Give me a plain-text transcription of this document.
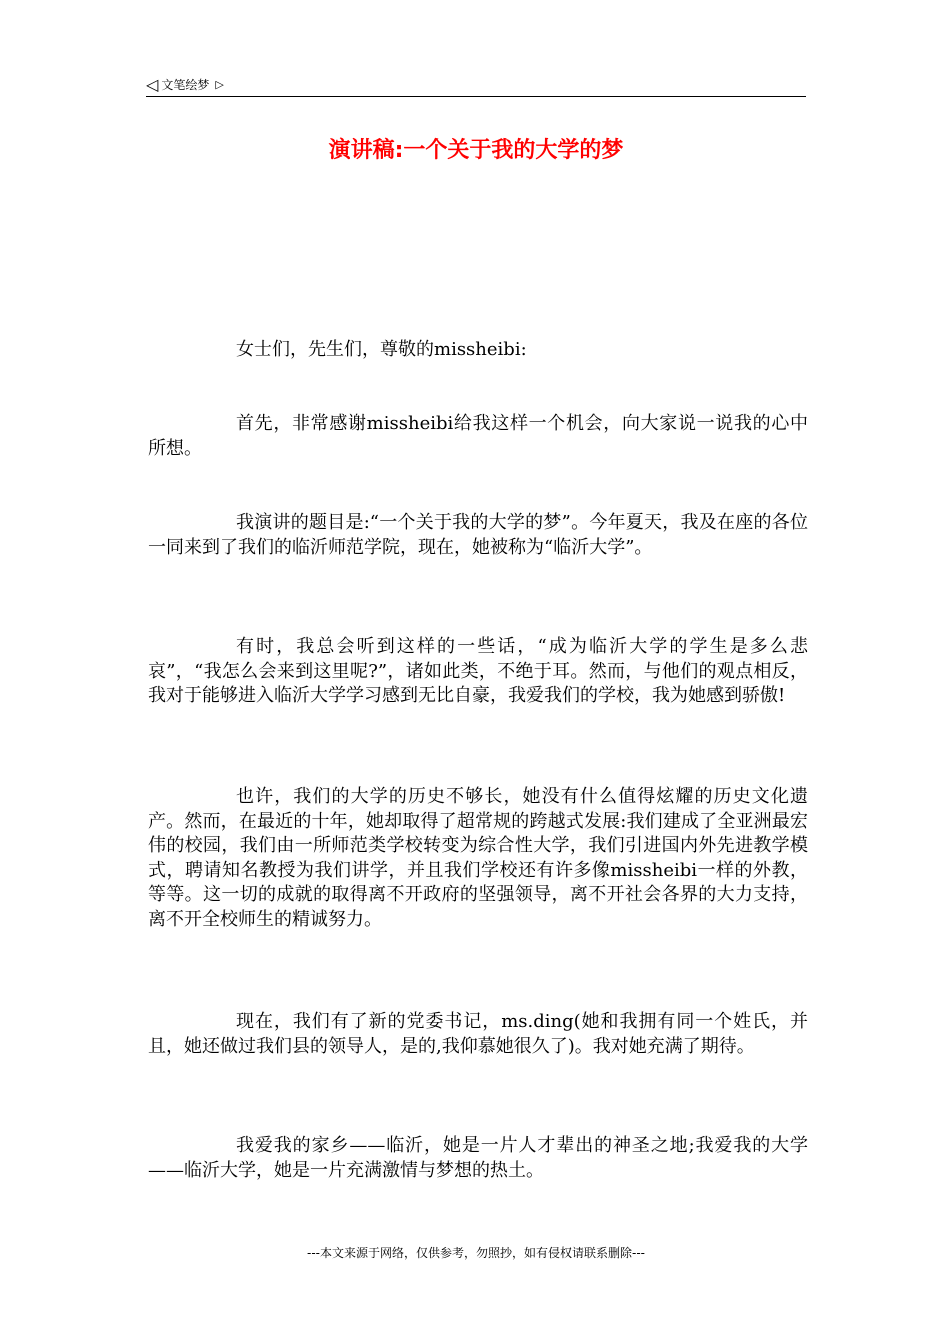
◁ 文笔绘梦 ▷
演讲稿:一个关于我的大学的梦

女士们，先生们，尊敬的missheibi:

首先，非常感谢missheibi给我这样一个机会，向大家说一说我的心中所想。

我演讲的题目是:“一个关于我的大学的梦”。今年夏天，我及在座的各位一同来到了我们的临沂师范学院，现在，她被称为“临沂大学”。

有时，我总会听到这样的一些话，“成为临沂大学的学生是多么悲哀”，“我怎么会来到这里呢?”，诸如此类，不绝于耳。然而，与他们的观点相反，我对于能够进入临沂大学学习感到无比自豪，我爱我们的学校，我为她感到骄傲!

也许，我们的大学的历史不够长，她没有什么值得炫耀的历史文化遗产。然而，在最近的十年，她却取得了超常规的跨越式发展:我们建成了全亚洲最宏伟的校园，我们由一所师范类学校转变为综合性大学，我们引进国内外先进教学模式，聘请知名教授为我们讲学，并且我们学校还有许多像missheibi一样的外教，等等。这一切的成就的取得离不开政府的坚强领导，离不开社会各界的大力支持，离不开全校师生的精诚努力。

现在，我们有了新的党委书记，ms.ding(她和我拥有同一个姓氏，并且，她还做过我们县的领导人，是的,我仰慕她很久了)。我对她充满了期待。

我爱我的家乡——临沂，她是一片人才辈出的神圣之地;我爱我的大学——临沂大学，她是一片充满激情与梦想的热土。

---本文来源于网络，仅供参考，勿照抄，如有侵权请联系删除---
